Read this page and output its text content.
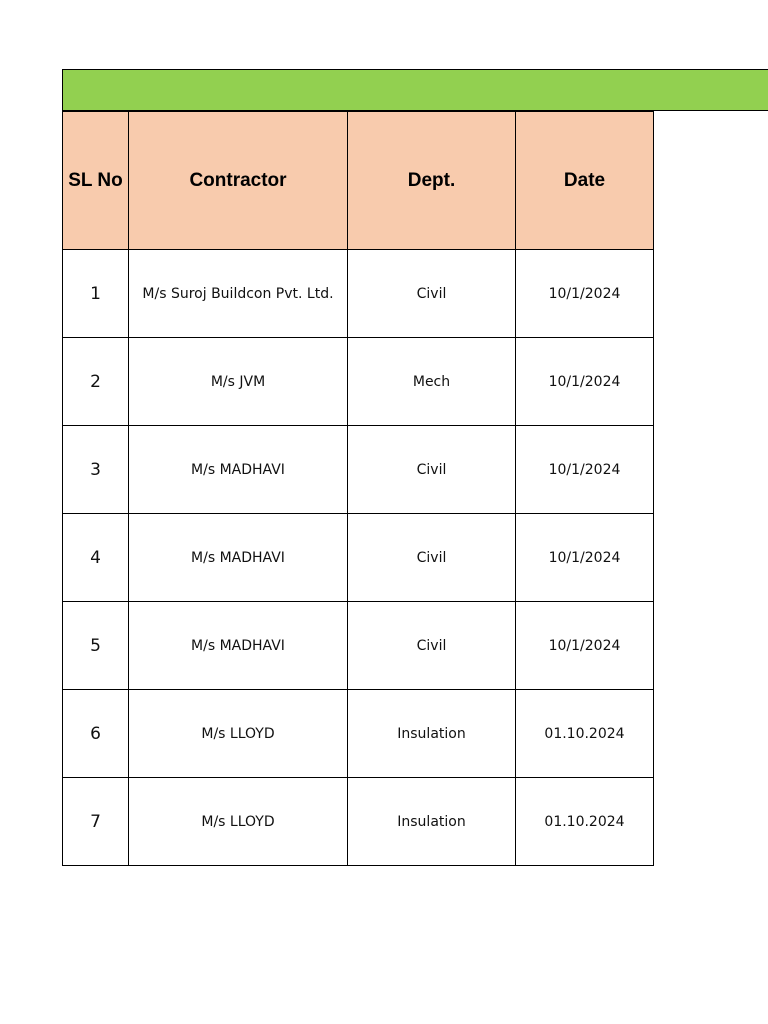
SL No	Contractor	Dept.	Date
1	M/s Suroj Buildcon Pvt. Ltd.	Civil	10/1/2024
2	M/s JVM	Mech	10/1/2024
3	M/s MADHAVI	Civil	10/1/2024
4	M/s MADHAVI	Civil	10/1/2024
5	M/s MADHAVI	Civil	10/1/2024
6	M/s LLOYD	Insulation	01.10.2024
7	M/s LLOYD	Insulation	01.10.2024
